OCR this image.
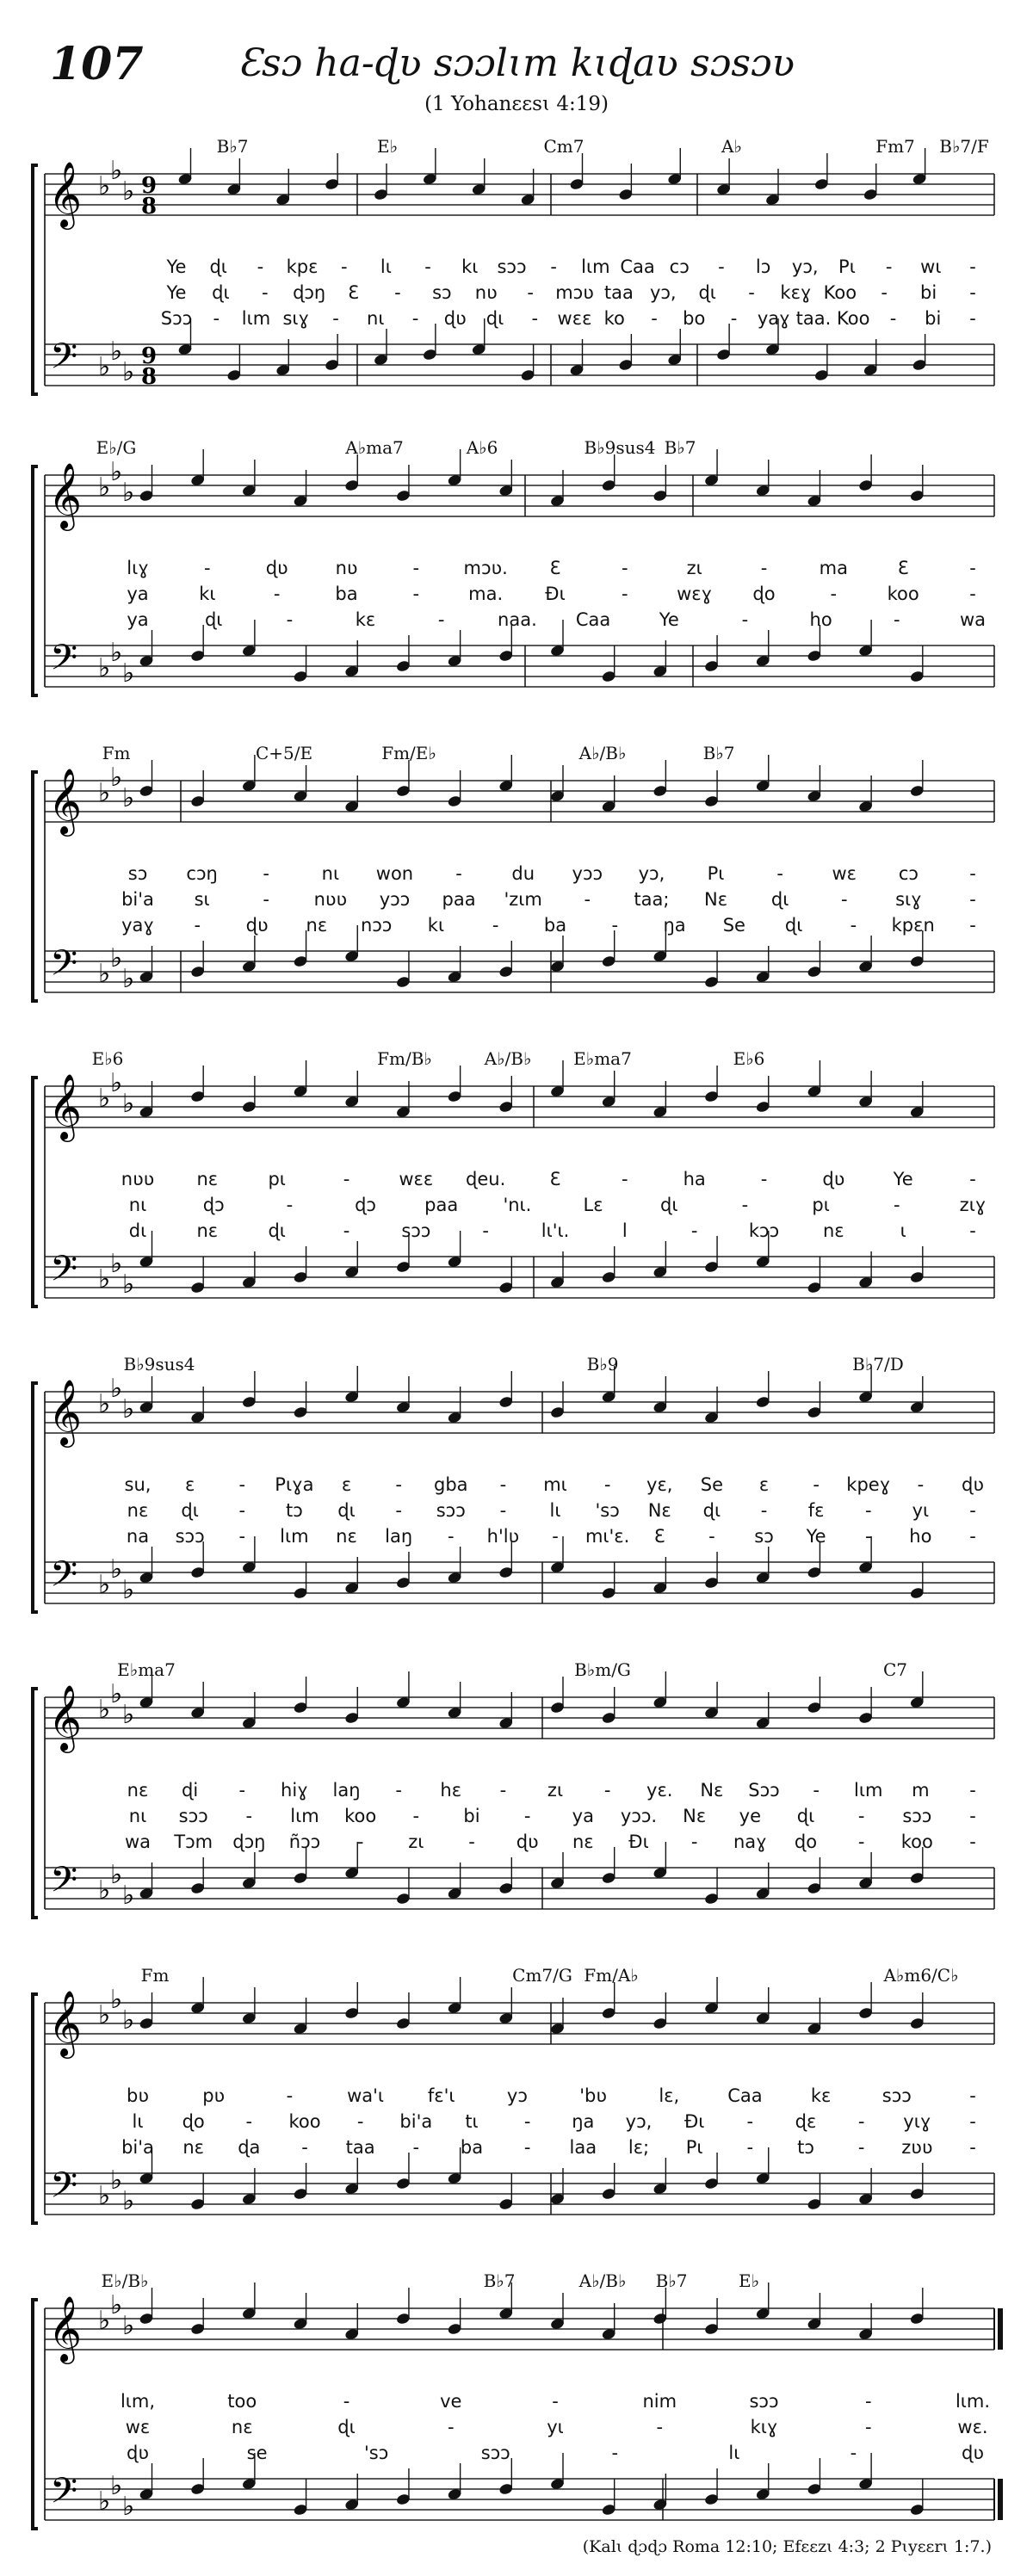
107	Ɛsɔ ha-ɖʋ sɔɔlɩm kɩɖaʋ sɔsɔʋ
(1 Yohanɛɛsɩ 4:19)
𝄞
𝄢
♭
♭
♭
♭
♭
♭
9
8
9
8
B♭7	E♭	Cm7	A♭	Fm7 B♭7/F
Ye ɖɩ - kpɛ - lɩ - kɩ sɔɔ - lɩm Caa cɔ - lɔ yɔ, Pɩ - wɩ -
Ye ɖɩ - ɖɔŋ Ɛ - sɔ nʋ - mɔʋ taa yɔ, ɖɩ - kɛɣ Koo - bi -
Sɔɔ - lɩm sɩɣ - nɩ - ɖʋ ɖɩ - wɛɛ ko - bo - yaɣ taa. Koo - bi -
𝄞
𝄢
♭
♭
♭
♭
♭
♭
E♭/G	A♭ma7	A♭6	B♭9sus4 B♭7
lɩɣ	-	ɖʋ	nʋ	- mɔʋ. Ɛ	-	zɩ	-	ma	Ɛ	-
ya	kɩ	-	ba	-	ma. Ðɩ	-	wɛɣ ɖo	-	koo	-
ya	ɖɩ	-	kɛ	-	naa. Caa	Ye	-	ho	-	wa
𝄞
𝄢
♭
♭
♭
♭
♭
♭
Fm	C+5/E	Fm/E♭	A♭/B♭	B♭7
sɔ cɔŋ	-	nɩ won -	du yɔɔ yɔ, Pɩ	-	wɛ cɔ	-
bi'a sɩ	- nʋʋ yɔɔ paa 'zɩm - taa; Nɛ ɖɩ	-	sɩɣ	-
yaɣ -	ɖʋ nɛ nɔɔ kɩ	- ba - ŋa Se ɖɩ	- kpɛn -
𝄞
𝄢
♭
♭
♭
♭
♭
♭
E♭6	Fm/B♭	A♭/B♭ E♭ma7	E♭6
nʋʋ nɛ	pɩ	-	wɛɛ ɖeu. Ɛ	-	ha	-	ɖʋ	Ye	-
nɩ	ɖɔ	-	ɖɔ	paa 'nɩ.	Lɛ	ɖɩ	-	pɩ	-	zɩɣ
dɩ	nɛ	ɖɩ	-	sɔɔ	-	lɩ'ɩ.	l	-	kɔɔ nɛ	ɩ	-
𝄞
𝄢
♭
♭
♭
♭
♭
♭
B♭9sus4	B♭9	B♭7/D
su, ɛ - Pɩɣa ɛ - gba - mɩ - yɛ, Se ɛ - kpeɣ - ɖʋ
nɛ ɖɩ - tɔ ɖɩ - sɔɔ - lɩ 'sɔ Nɛ ɖɩ - fɛ - yɩ -
na sɔɔ - lɩm nɛ laŋ - h'lʋ - mɩ'ɛ. Ɛ - sɔ Ye - ho -
𝄞
𝄢
♭
♭
♭
♭
♭
♭
E♭ma7	B♭m/G	C7
nɛ ɖi - hiɣ laŋ - hɛ - zɩ - yɛ. Nɛ Sɔɔ - lɩm m -
nɩ sɔɔ - lɩm koo - bi - ya yɔɔ. Nɛ ye ɖɩ - sɔɔ -
wa Tɔm ɖɔŋ ñɔɔ - zɩ - ɖʋ nɛ Ðɩ - naɣ ɖo - koo -
𝄞
𝄢
♭
♭
♭
♭
♭
♭
Fm	Cm7/G Fm/A♭	A♭m6/C♭
bʋ	pʋ	-	wa'ɩ fɛ'ɩ	yɔ	'bʋ	lɛ,	Caa	kɛ	sɔɔ	-
lɩ ɖo - koo - bi'a tɩ	- ŋa yɔ, Ðɩ - ɖɛ - yɩɣ -
bi'a nɛ ɖa - taa - ba - laa lɛ; Pɩ - tɔ - zʋʋ -
𝄞
𝄢
♭
♭
♭
♭
♭
♭
E♭/B♭	B♭7	A♭/B♭ B♭7	E♭
lɩm,	too	-	ve	-	nim	sɔɔ	-	lɩm.
wɛ	nɛ	ɖɩ	-	yɩ	-	kɩɣ	-	wɛ.
ɖʋ	se	'sɔ	sɔɔ	-	lɩ	-	ɖʋ
(Kalɩ ɖɔɖɔ Roma 12:10; Efɛɛzɩ 4:3; 2 Pɩyɛɛrɩ 1:7.)
